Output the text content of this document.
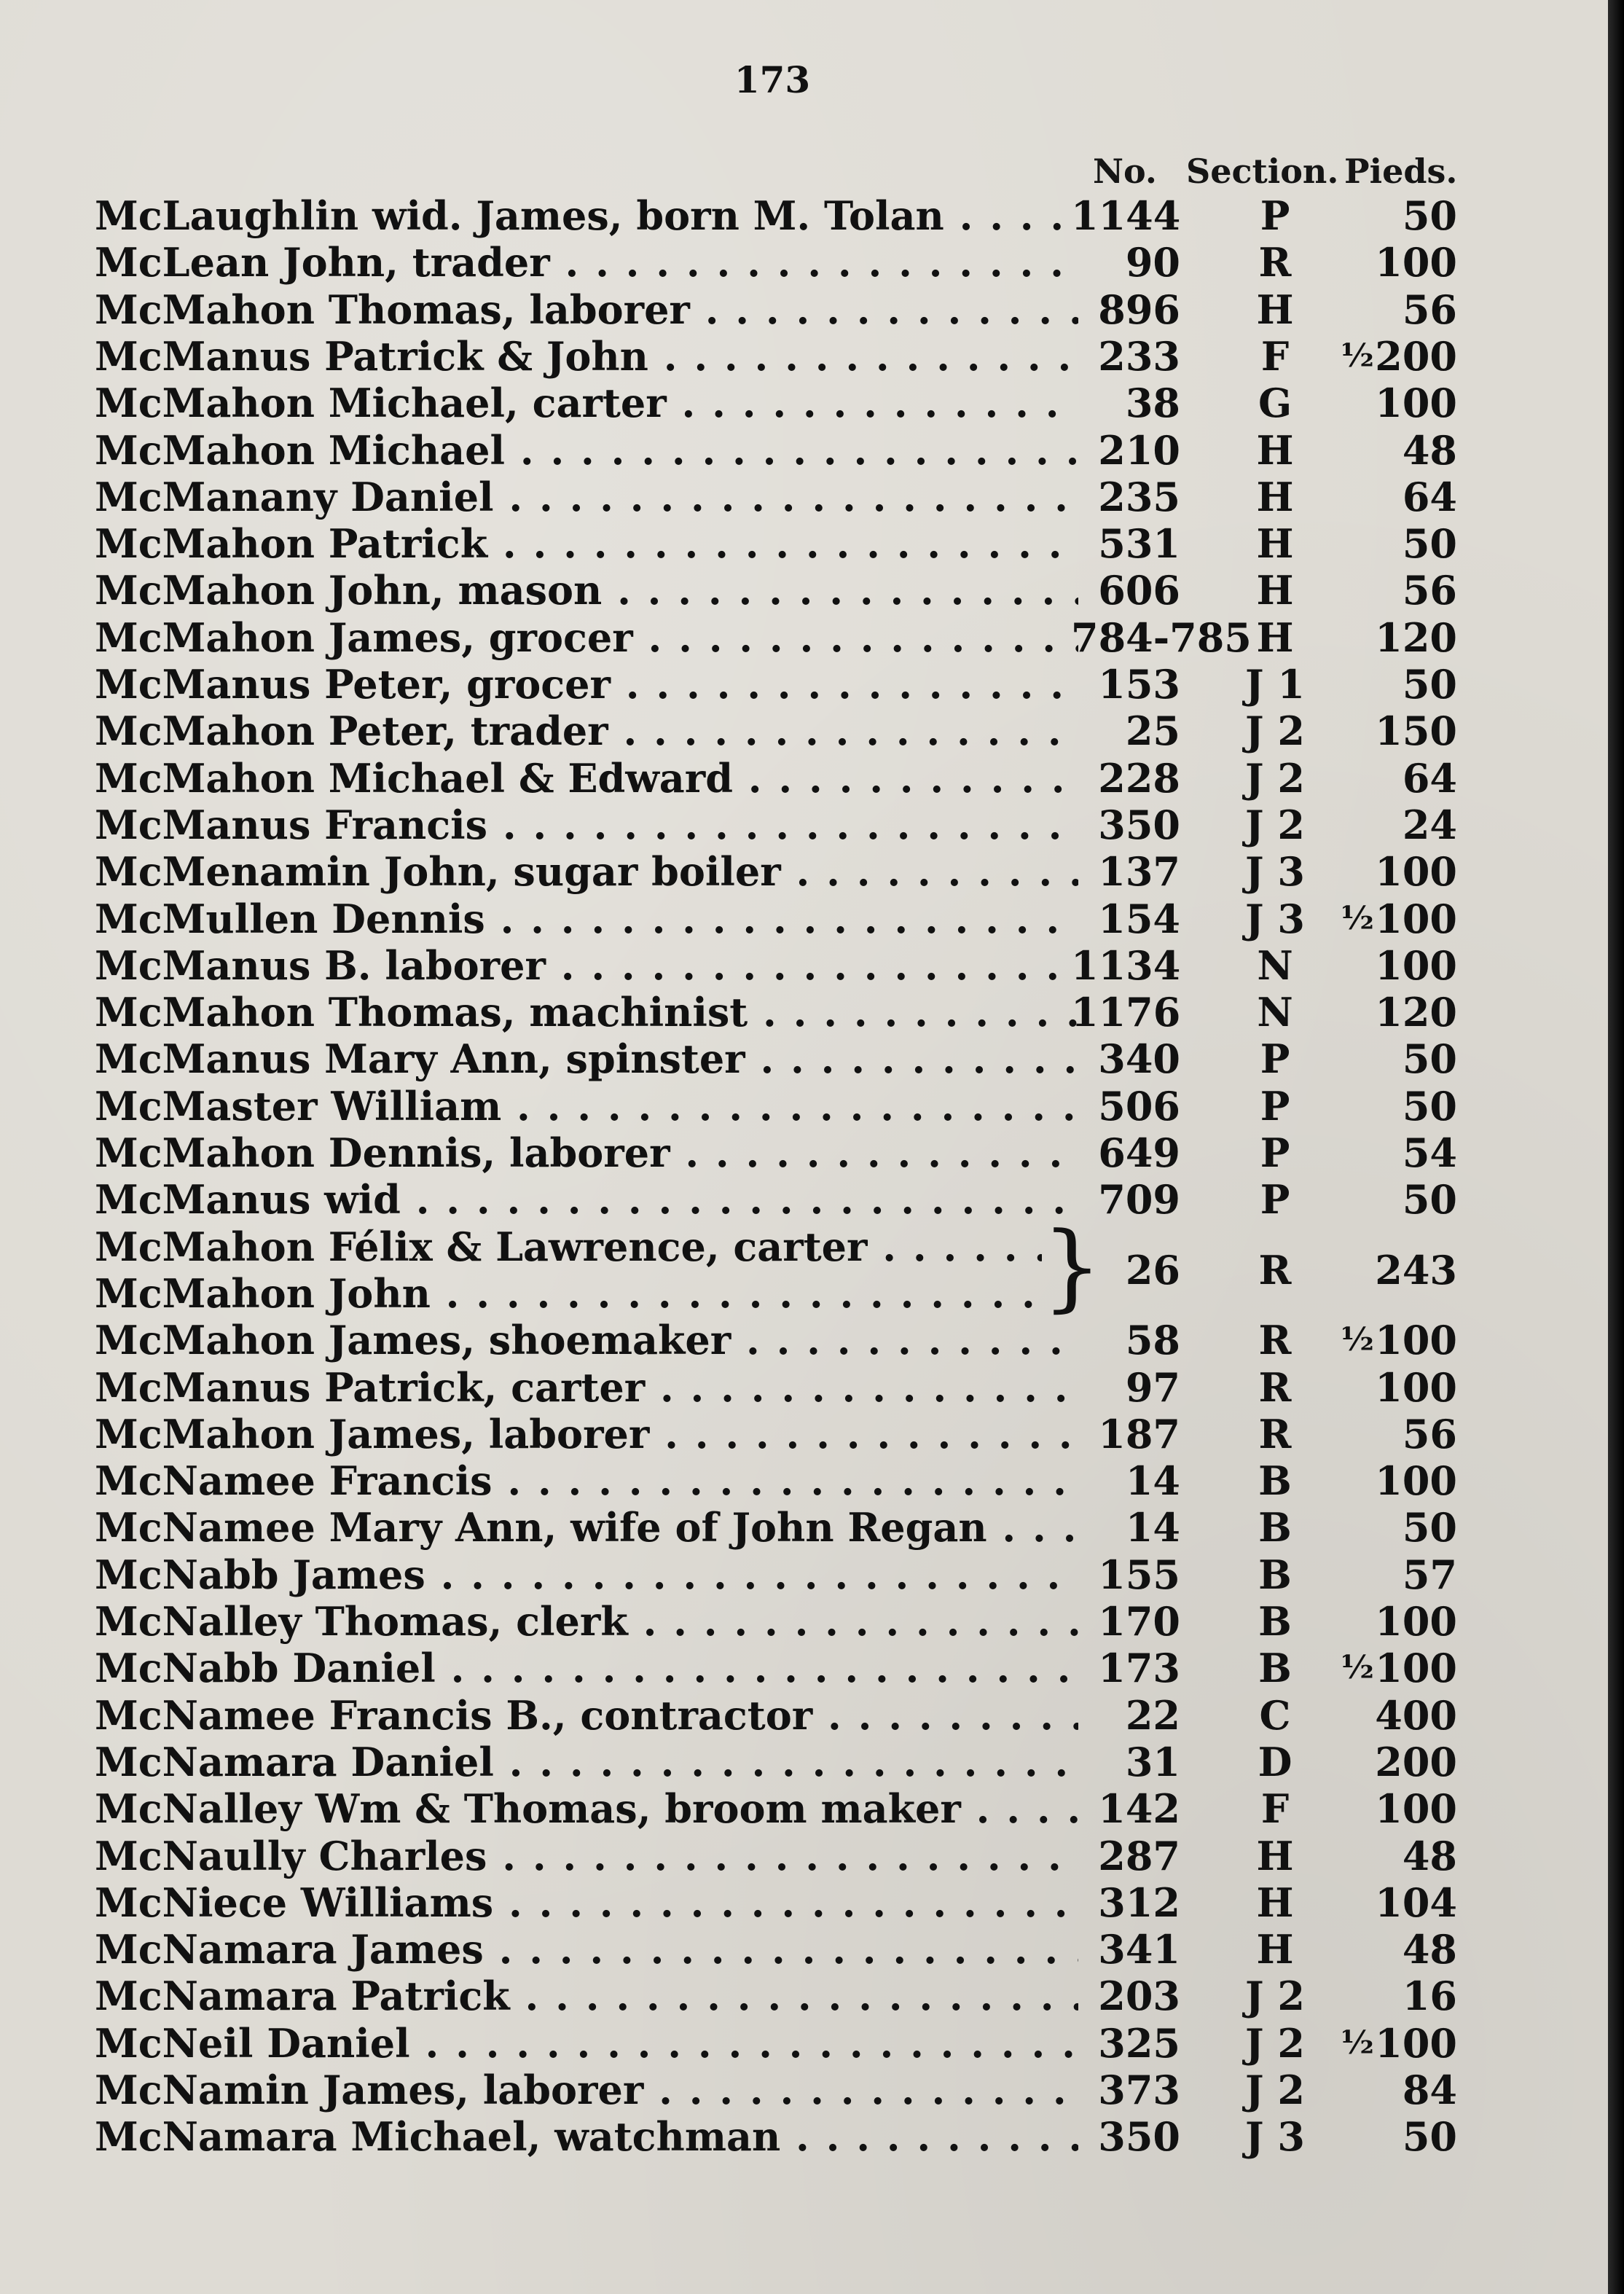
173
No. Section. Pieds.
McLaughlin wid. James, born M. Tolan . . .	1144	P	50
McLean John, trader . . .	90	R	100
McMahon Thomas, laborer . . .	896	H	56
McManus Patrick & John . . .	233	F	½ 200
McMahon Michael, carter . . .	38	G	100
McMahon Michael . . .	210	H	48
McManany Daniel . . .	235	H	64
McMahon Patrick . . .	531	H	50
McMahon John, mason . . .	606	H	56
McMahon James, grocer . . .	784-785 H	120
McManus Peter, grocer . . .	153	J 1	50
McMahon Peter, trader . . .	25	J 2	150
McMahon Michael & Edward . . .	228	J 2	64
McManus Francis . . .	350	J 2	24
McMenamin John, sugar boiler . . .	137	J 3	100
McMullen Dennis . . .	154	J 3	½ 100
McManus B. laborer . . .	1134	N	100
McMahon Thomas, machinist . . .	1176	N	120
McManus Mary Ann, spinster . . .	340	P	50
McMaster William . . .	506	P	50
McMahon Dennis, laborer . . .	649	P	54
McManus wid . . .	709	P	50
McMahon Félix & Lawrence, carter . . .
McMahon John . . .	} 26	R	243
McMahon James, shoemaker . . .	58	R	½ 100
McManus Patrick, carter . . .	97	R	100
McMahon James, laborer . . .	187	R	56
McNamee Francis . . .	14	B	100
McNamee Mary Ann, wife of John Regan . . .	14	B	50
McNabb James . . .	155	B	57
McNalley Thomas, clerk . . .	170	B	100
McNabb Daniel . . .	173	B	½ 100
McNamee Francis B., contractor . . .	22	C	400
McNamara Daniel . . .	31	D	200
McNalley Wm & Thomas, broom maker . . .	142	F	100
McNaully Charles . . .	287	H	48
McNiece Williams . . .	312	H	104
McNamara James . . .	341	H	48
McNamara Patrick . . .	203	J 2	16
McNeil Daniel . . .	325	J 2	½ 100
McNamin James, laborer . . .	373	J 2	84
McNamara Michael, watchman . . .	350	J 3	50
